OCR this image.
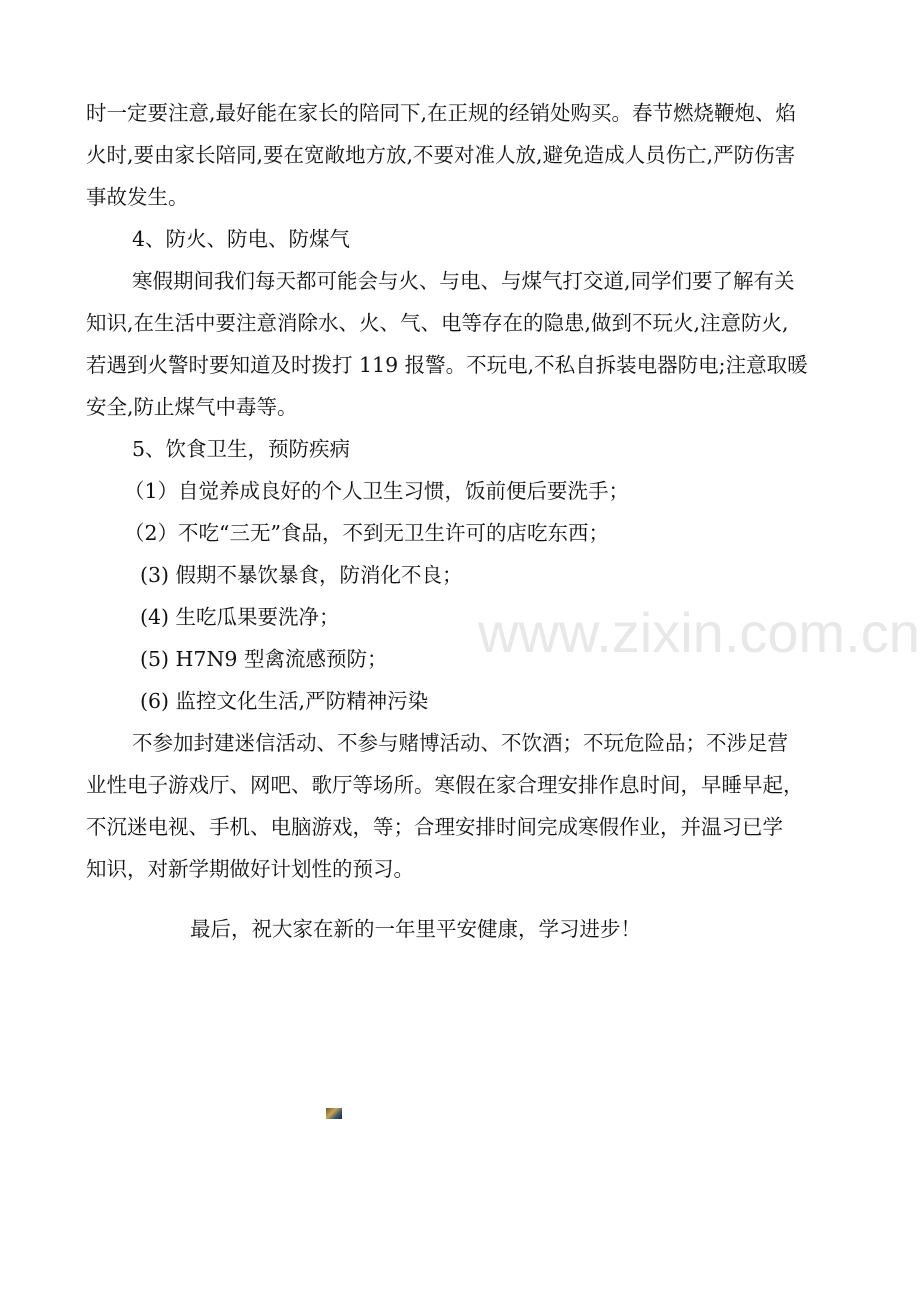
www.zixin.com.cn
时一定要注意,最好能在家长的陪同下,在正规的经销处购买。春节燃烧鞭炮、焰
火时,要由家长陪同,要在宽敞地方放,不要对准人放,避免造成人员伤亡,严防伤害
事故发生。
4、防火、防电、防煤气
寒假期间我们每天都可能会与火、与电、与煤气打交道,同学们要了解有关
知识,在生活中要注意消除水、火、气、电等存在的隐患,做到不玩火,注意防火,
若遇到火警时要知道及时拨打 119 报警。不玩电,不私自拆装电器防电;注意取暖
安全,防止煤气中毒等。
5、饮食卫生，预防疾病
（1）自觉养成良好的个人卫生习惯，饭前便后要洗手；
（2）不吃“三无”食品，不到无卫生许可的店吃东西；
(3) 假期不暴饮暴食，防消化不良；
(4) 生吃瓜果要洗净；
(5) H7N9 型禽流感预防；
(6) 监控文化生活,严防精神污染
不参加封建迷信活动、不参与赌博活动、不饮酒；不玩危险品；不涉足营
业性电子游戏厅、网吧、歌厅等场所。寒假在家合理安排作息时间，早睡早起，
不沉迷电视、手机、电脑游戏，等；合理安排时间完成寒假作业，并温习已学
知识，对新学期做好计划性的预习。
最后，祝大家在新的一年里平安健康，学习进步！
